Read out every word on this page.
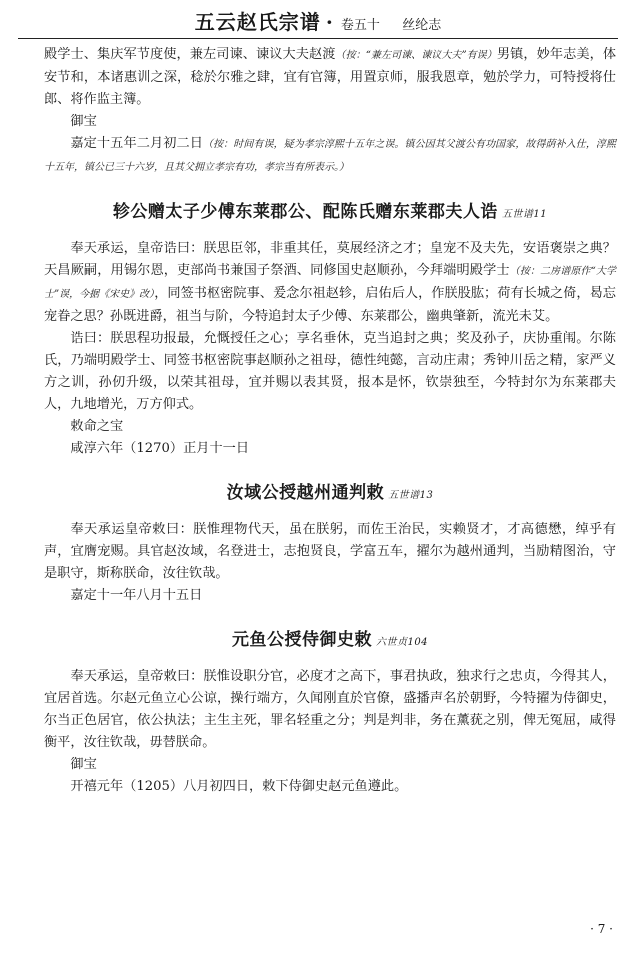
五云赵氏宗谱 · 卷五十 丝纶志

殿学士、集庆军节度使，兼左司谏、谏议大夫赵渡（按：“兼左司谏、谏议大夫”有误）男镇，妙年志美，体安节和，本诸惠训之深，稔於尔雅之肆，宜有官簿，用置京师，服我恩章，勉於学力，可特授将仕郎、将作监主簿。

御宝

嘉定十五年二月初二日（按：时间有误，疑为孝宗淳熙十五年之误。镇公因其父渡公有功国家，故得荫补入仕，淳熙十五年，镇公已三十六岁，且其父拥立孝宗有功，孝宗当有所表示。）

轸公赠太子少傅东莱郡公、配陈氏赠东莱郡夫人诰 五世谱11

奉天承运，皇帝诰曰：朕思臣邻，非重其任，莫展经济之才；皇宠不及夫先，安语褒崇之典？天昌厥嗣，用锡尔恩，吏部尚书兼国子祭酒、同修国史赵顺孙，今拜端明殿学士（按：二房谱原作“大学士”误，今据《宋史》改），同签书枢密院事、爰念尔祖赵轸，启佑后人，作朕股肱；荷有长城之倚，曷忘宠眷之思？孙既进爵，祖当与阶，今特追封太子少傅、东莱郡公，幽典肇新，流光未艾。

诰曰：朕思程功报最，允慨授任之心；享名垂休，克当追封之典；奖及孙子，庆协重闱。尔陈氏，乃端明殿学士、同签书枢密院事赵顺孙之祖母，德性纯懿，言动庄肃；秀钟川岳之精，家严义方之训，孙仞升级，以荣其祖母，宜并赐以表其贤，报本是怀，钦崇独至，今特封尔为东莱郡夫人，九地增光，万方仰式。

敕命之宝

咸淳六年（1270）正月十一日

汝域公授越州通判敕 五世谱13

奉天承运皇帝敕曰：朕惟理物代天，虽在朕躬，而佐王治民，实赖贤才，才高德懋，绰乎有声，宜膺宠赐。具官赵汝域，名登进士，志抱贤良，学富五车，擢尔为越州通判，当励精图治，守是职守，斯称朕命，汝往钦哉。

嘉定十一年八月十五日

元鱼公授侍御史敕 六世贞104

奉天承运，皇帝敕曰：朕惟设职分官，必度才之高下，事君执政，独求行之忠贞，今得其人，宜居首选。尔赵元鱼立心公谅，操行端方，久闻刚直於官僚，盛播声名於朝野，今特擢为侍御史，尔当正色居官，依公执法；主生主死，罪名轻重之分；判是判非，务在薰莸之别，俾无冤屈，咸得衡平，汝往钦哉，毋替朕命。

御宝

开禧元年（1205）八月初四日，敕下侍御史赵元鱼遵此。

· 7 ·
